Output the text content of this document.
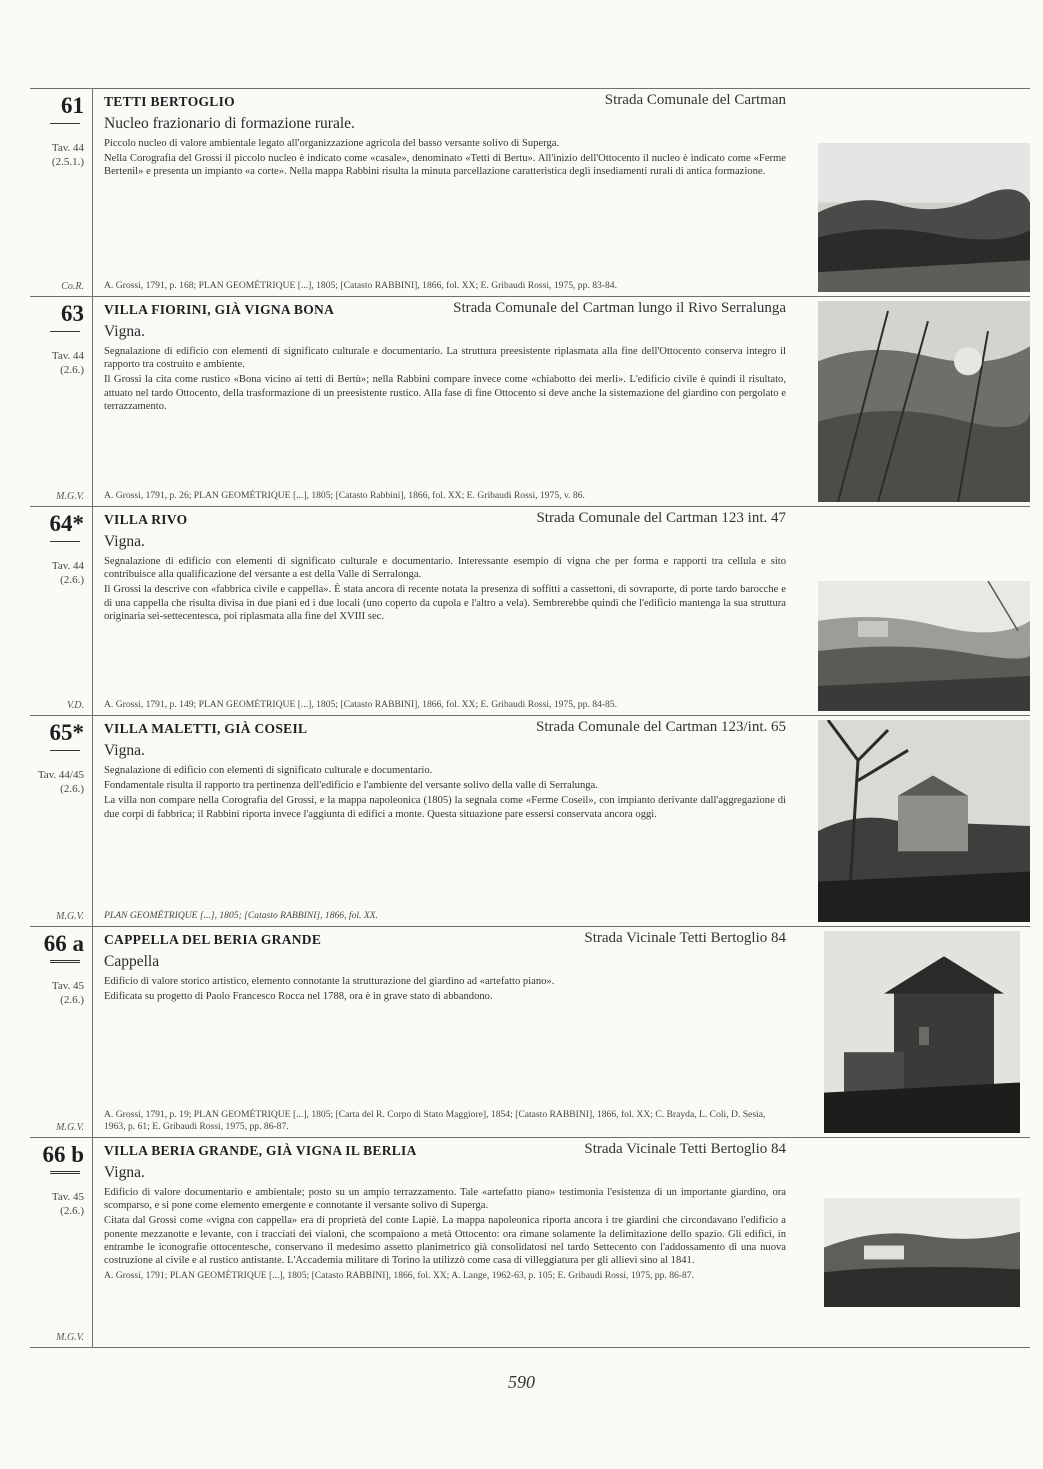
61
Tav. 44
(2.5.1.)
Co.R.
TETTI BERTOGLIO	Strada Comunale del Cartman
Nucleo frazionario di formazione rurale.

Piccolo nucleo di valore ambientale legato all'organizzazione agricola del basso versante solivo di Superga.

Nella Corografia del Grossi il piccolo nucleo è indicato come «casale», denominato «Tetti di Bertu». All'inizio dell'Ottocento il nucleo è indicato come «Ferme Bertenil» e presenta un impianto «a corte». Nella mappa Rabbini risulta la minuta parcellazione caratteristica degli insediamenti rurali di antica formazione.

A. Grossi, 1791, p. 168; PLAN GEOMÉTRIQUE [...], 1805; [Catasto RABBINI], 1866, fol. XX; E. Gribaudi Rossi, 1975, pp. 83-84.
63
Tav. 44
(2.6.)
M.G.V.
VILLA FIORINI, GIÀ VIGNA BONA	Strada Comunale del Cartman lungo il Rivo Serralunga
Vigna.

Segnalazione di edificio con elementi di significato culturale e documentario. La struttura preesistente riplasmata alla fine dell'Ottocento conserva integro il rapporto tra costruito e ambiente.

Il Grossi la cita come rustico «Bona vicino ai tetti di Bertù»; nella Rabbini compare invece come «chiabotto dei merli». L'edificio civile è quindi il risultato, attuato nel tardo Ottocento, della trasformazione di un preesistente rustico. Alla fase di fine Ottocento si deve anche la sistemazione del giardino con pergolato e terrazzamento.

A. Grossi, 1791, p. 26; PLAN GEOMÉTRIQUE [...], 1805; [Catasto Rabbini], 1866, fol. XX; E. Gribaudi Rossi, 1975, v. 86.
64*
Tav. 44
(2.6.)
V.D.
VILLA RIVO	Strada Comunale del Cartman 123 int. 47
Vigna.

Segnalazione di edificio con elementi di significato culturale e documentario. Interessante esempio di vigna che per forma e rapporti tra cellula e sito contribuisce alla qualificazione del versante a est della Valle di Serralonga.

Il Grossi la descrive con «fabbrica civile e cappella». È stata ancora di recente notata la presenza di soffitti a cassettoni, di sovraporte, di porte tardo barocche e di una cappella che risulta divisa in due piani ed i due locali (uno coperto da cupola e l'altro a vela). Sembrerebbe quindi che l'edificio mantenga la sua struttura originaria sei-settecentesca, poi riplasmata alla fine del XVIII sec.

A. Grossi, 1791, p. 149; PLAN GEOMÉTRIQUE [...], 1805; [Catasto RABBINI], 1866, fol. XX; E. Gribaudi Rossi, 1975, pp. 84-85.
65*
Tav. 44/45
(2.6.)
M.G.V.
VILLA MALETTI, GIÀ COSEIL	Strada Comunale del Cartman 123/int. 65
Vigna.

Segnalazione di edificio con elementi di significato culturale e documentario.

Fondamentale risulta il rapporto tra pertinenza dell'edificio e l'ambiente del versante solivo della valle di Serralunga.

La villa non compare nella Corografia del Grossi, e la mappa napoleonica (1805) la segnala come «Ferme Coseil», con impianto derivante dall'aggregazione di due corpi di fabbrica; il Rabbini riporta invece l'aggiunta di edifici a monte. Questa situazione pare essersi conservata ancora oggi.

PLAN GEOMÉTRIQUE [...], 1805; [Catasto RABBINI], 1866, fol. XX.
66 a
Tav. 45
(2.6.)
M.G.V.
CAPPELLA DEL BERIA GRANDE	Strada Vicinale Tetti Bertoglio 84
Cappella

Edificio di valore storico artistico, elemento connotante la strutturazione del giardino ad «artefatto piano».

Edificata su progetto di Paolo Francesco Rocca nel 1788, ora è in grave stato di abbandono.

A. Grossi, 1791, p. 19; PLAN GEOMÉTRIQUE [...], 1805; [Carta del R. Corpo di Stato Maggiore], 1854; [Catasto RABBINI], 1866, fol. XX; C. Brayda, L. Coli, D. Sesia, 1963, p. 61; E. Gribaudi Rossi, 1975, pp. 86-87.
66 b
Tav. 45
(2.6.)
M.G.V.
VILLA BERIA GRANDE, GIÀ VIGNA IL BERLIA	Strada Vicinale Tetti Bertoglio 84
Vigna.

Edificio di valore documentario e ambientale; posto su un ampio terrazzamento. Tale «artefatto piano» testimonia l'esistenza di un importante giardino, ora scomparso, e si pone come elemento emergente e connotante il versante solivo di Superga.

Citata dal Grossi come «vigna con cappella» era di proprietà del conte Lapiè. La mappa napoleonica riporta ancora i tre giardini che circondavano l'edificio a ponente mezzanotte e levante, con i tracciati dei vialoni, che scompaiono a metà Ottocento: ora rimane solamente la delimitazione dello spazio. Gli edifici, in entrambe le iconografie ottocentesche, conservano il medesimo assetto planimetrico già consolidatosi nel tardo Settecento con l'addossamento di una nuova costruzione al civile e al rustico antistante. L'Accademia militare di Torino la utilizzò come casa di villeggiatura per gli allievi sino al 1841.

A. Grossi, 1791; PLAN GEOMÉTRIQUE [...], 1805; [Catasto RABBINI], 1866, fol. XX; A. Lange, 1962-63, p. 105; E. Gribaudi Rossi, 1975, pp. 86-87.
590
